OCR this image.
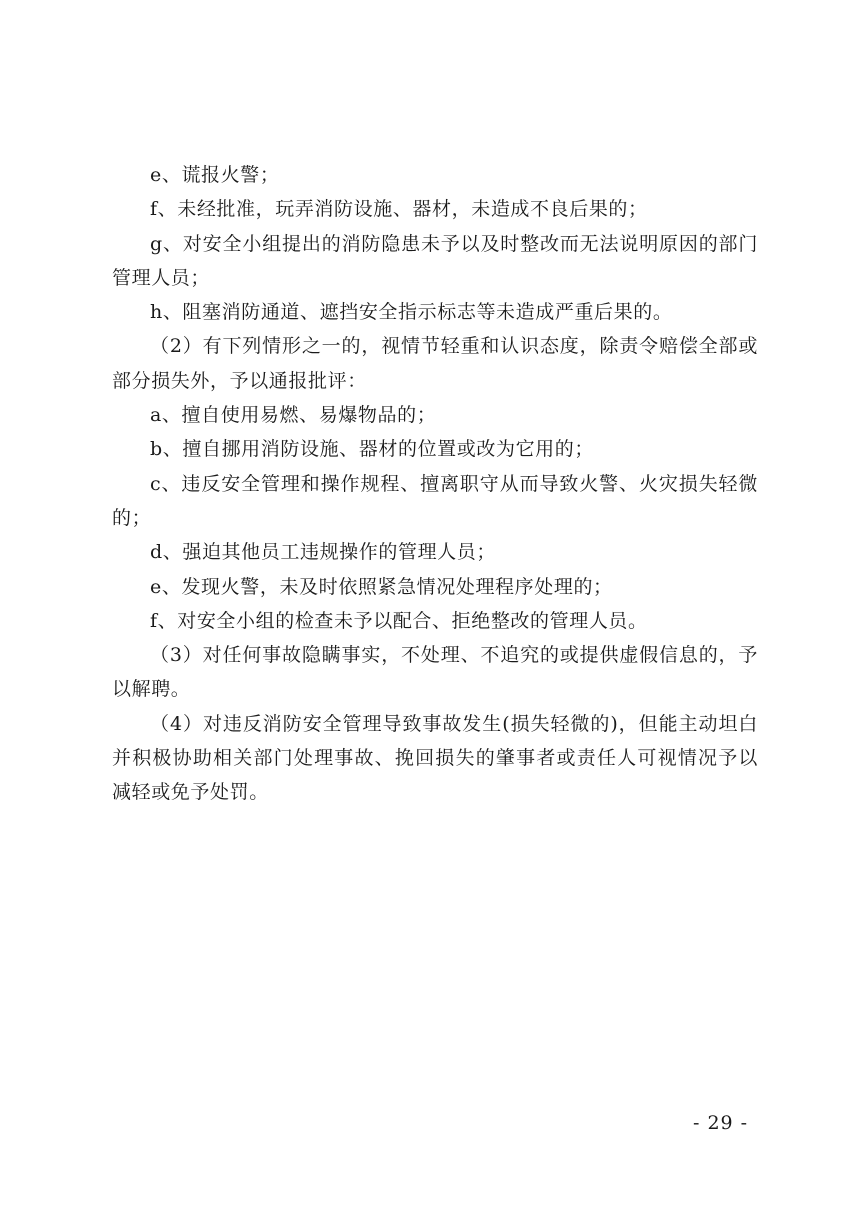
e、谎报火警；

f、未经批准，玩弄消防设施、器材，未造成不良后果的；

g、对安全小组提出的消防隐患未予以及时整改而无法说明原因的部门管理人员；

h、阻塞消防通道、遮挡安全指示标志等未造成严重后果的。

（2）有下列情形之一的，视情节轻重和认识态度，除责令赔偿全部或部分损失外，予以通报批评：

a、擅自使用易燃、易爆物品的；

b、擅自挪用消防设施、器材的位置或改为它用的；

c、违反安全管理和操作规程、擅离职守从而导致火警、火灾损失轻微的；

d、强迫其他员工违规操作的管理人员；

e、发现火警，未及时依照紧急情况处理程序处理的；

f、对安全小组的检查未予以配合、拒绝整改的管理人员。

（3）对任何事故隐瞒事实，不处理、不追究的或提供虚假信息的，予以解聘。

（4）对违反消防安全管理导致事故发生(损失轻微的)，但能主动坦白并积极协助相关部门处理事故、挽回损失的肇事者或责任人可视情况予以减轻或免予处罚。

- 29 -
